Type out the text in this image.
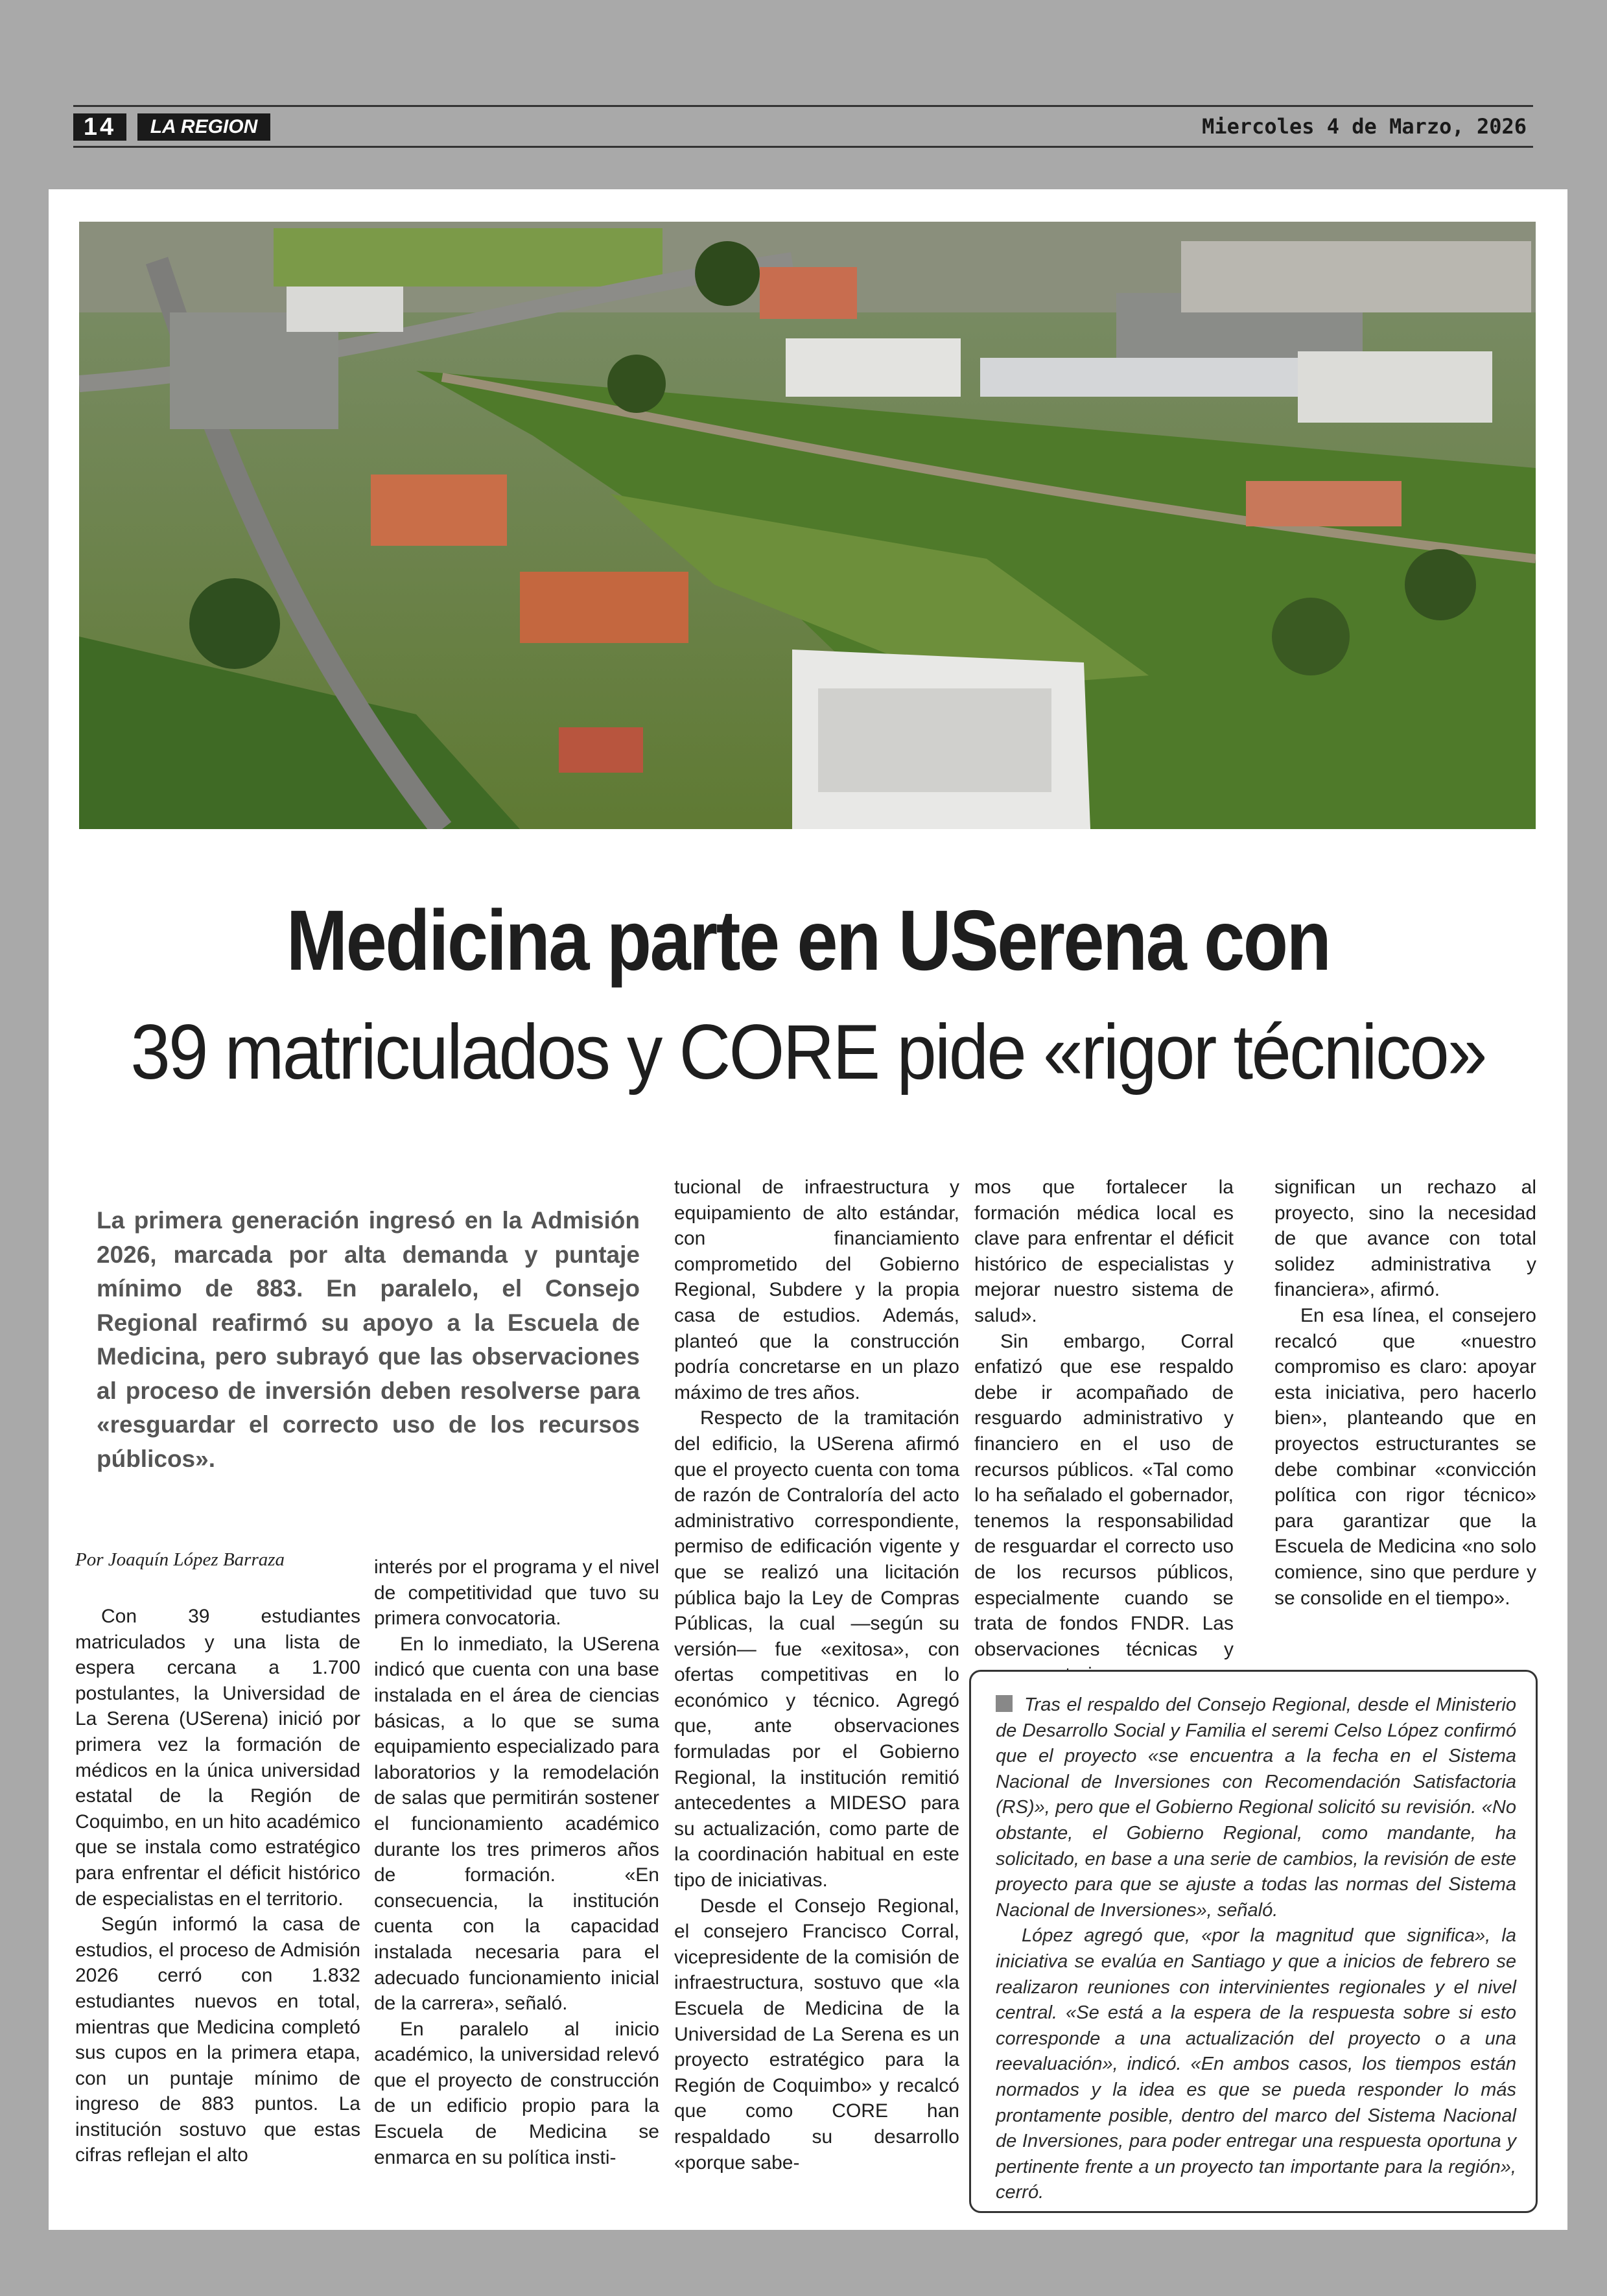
14	LA REGION	Miercoles 4 de Marzo, 2026
Medicina parte en USerena con
39 matriculados y CORE pide «rigor técnico»

La primera generación ingresó en la Admisión 2026, marcada por alta demanda y puntaje mínimo de 883. En paralelo, el Consejo Regional reafirmó su apoyo a la Escuela de Medicina, pero subrayó que las observaciones al proceso de inversión deben resolverse para «resguardar el correcto uso de los recursos públicos».

Por Joaquín López Barraza

Con 39 estudiantes matriculados y una lista de espera cercana a 1.700 postulantes, la Universidad de La Serena (USerena) inició por primera vez la formación de médicos en la única universidad estatal de la Región de Coquimbo, en un hito académico que se instala como estratégico para enfrentar el déficit histórico de especialistas en el territorio.

Según informó la casa de estudios, el proceso de Admisión 2026 cerró con 1.832 estudiantes nuevos en total, mientras que Medicina completó sus cupos en la primera etapa, con un puntaje mínimo de ingreso de 883 puntos. La institución sostuvo que estas cifras reflejan el alto

interés por el programa y el nivel de competitividad que tuvo su primera convocatoria.

En lo inmediato, la USerena indicó que cuenta con una base instalada en el área de ciencias básicas, a lo que se suma equipamiento especializado para laboratorios y la remodelación de salas que permitirán sostener el funcionamiento académico durante los tres primeros años de formación. «En consecuencia, la institución cuenta con la capacidad instalada necesaria para el adecuado funcionamiento inicial de la carrera», señaló.

En paralelo al inicio académico, la universidad relevó que el proyecto de construcción de un edificio propio para la Escuela de Medicina se enmarca en su política insti-

tucional de infraestructura y equipamiento de alto estándar, con financiamiento comprometido del Gobierno Regional, Subdere y la propia casa de estudios. Además, planteó que la construcción podría concretarse en un plazo máximo de tres años.

Respecto de la tramitación del edificio, la USerena afirmó que el proyecto cuenta con toma de razón de Contraloría del acto administrativo correspondiente, permiso de edificación vigente y que se realizó una licitación pública bajo la Ley de Compras Públicas, la cual —según su versión— fue «exitosa», con ofertas competitivas en lo económico y técnico. Agregó que, ante observaciones formuladas por el Gobierno Regional, la institución remitió antecedentes a MIDESO para su actualización, como parte de la coordinación habitual en este tipo de iniciativas.

Desde el Consejo Regional, el consejero Francisco Corral, vicepresidente de la comisión de infraestructura, sostuvo que «la Escuela de Medicina de la Universidad de La Serena es un proyecto estratégico para la Región de Coquimbo» y recalcó que como CORE han respaldado su desarrollo «porque sabe-

mos que fortalecer la formación médica local es clave para enfrentar el déficit histórico de especialistas y mejorar nuestro sistema de salud».

Sin embargo, Corral enfatizó que ese respaldo debe ir acompañado de resguardo administrativo y financiero en el uso de recursos públicos. «Tal como lo ha señalado el gobernador, tenemos la responsabilidad de resguardar el correcto uso de los recursos públicos, especialmente cuando se trata de fondos FNDR. Las observaciones técnicas y

significan un rechazo al proyecto, sino la necesidad de que avance con total solidez administrativa y financiera», afirmó.

En esa línea, el consejero recalcó que «nuestro compromiso es claro: apoyar esta iniciativa, pero hacerlo bien», planteando que en proyectos estructurantes se debe combinar «convicción política con rigor técnico» para garantizar que la Escuela de Medicina «no solo comience, sino que perdure y se consolide en el tiempo».

Tras el respaldo del Consejo Regional, desde el Ministerio de Desarrollo Social y Familia el seremi Celso López confirmó que el proyecto «se encuentra a la fecha en el Sistema Nacional de Inversiones con Recomendación Satisfactoria (RS)», pero que el Gobierno Regional solicitó su revisión. «No obstante, el Gobierno Regional, como mandante, ha solicitado, en base a una serie de cambios, la revisión de este proyecto para que se ajuste a todas las normas del Sistema Nacional de Inversiones», señaló.

López agregó que, «por la magnitud que significa», la iniciativa se evalúa en Santiago y que a inicios de febrero se realizaron reuniones con intervinientes regionales y el nivel central. «Se está a la espera de la respuesta sobre si esto corresponde a una actualización del proyecto o a una reevaluación», indicó. «En ambos casos, los tiempos están normados y la idea es que se pueda responder lo más prontamente posible, dentro del marco del Sistema Nacional de Inversiones, para poder entregar una respuesta oportuna y pertinente frente a un proyecto tan importante para la región», cerró.
